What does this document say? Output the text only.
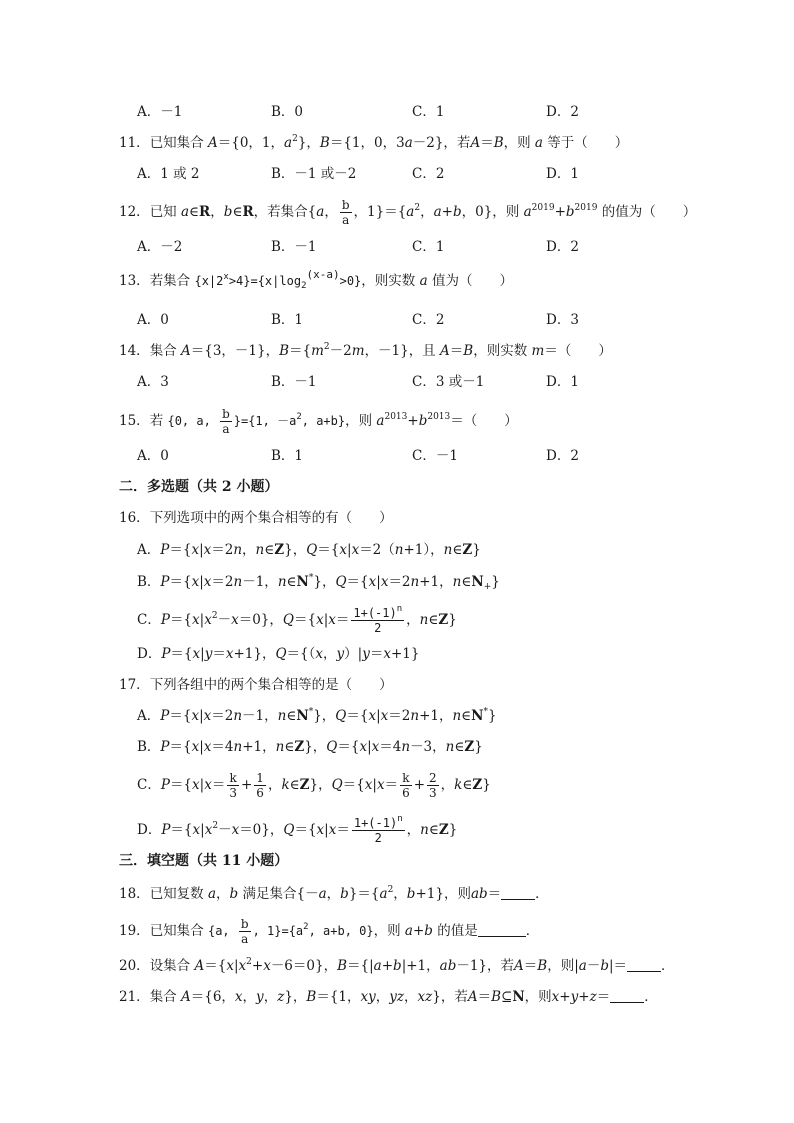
A．－1	B．0	C．1	D．2
11．已知集合 A＝{0，1，$a^2$}，B＝{1，0，3a－2}，若A＝B，则 a 等于（　　）
A．1 或 2	B．－1 或－2	C．2	D．1
12．已知 a∈R，b∈R，若集合{a， $\frac{b}{a}$ ，$1\}=\{a^2$，a+b，0}，则 $a^{2019}+b^{2019}$ 的值为（　　）
A．－2	B．－1	C．1	D．2
13．若集合 $\{x|2^x>4\}=\{x|\log_2(x-a)>0\}$，则实数 a 值为（　　）
A．0	B．1	C．2	D．3
14．集合 A＝{3，－1}，$B=\{m^2-2m$，－1}，且 A＝B，则实数 m＝（　　）
A．3	B．－1	C．3 或－1	D．1
15．若 {0, a, $\frac{b}{a} \}=\{1$, $-a^2$, a+b}，则 $a^{2013}+b^{2013}=$（　　）
A．0	B．1	C．－1	D．2
二．多选题（共 2 小题）
16．下列选项中的两个集合相等的有（　　）
A．P＝{x|x＝2n，n∈Z}，Q＝{x|x＝2（n+1），n∈Z}
B．P＝{x|x＝2n－1，n∈N*}，Q＝{x|x＝2n+1，$n\in N_+$}
C．$P=\{x|x^2-x=0\}$，$Q=\{x|x= \frac{1+(-1)^n}{2}$ ，n∈Z}
D．P＝{x|y＝x+1}，Q＝{（x，y）|y＝x+1}
17．下列各组中的两个集合相等的是（　　）
A．P＝{x|x＝2n－1，n∈N*}，Q＝{x|x＝2n+1，n∈N*}
B．P＝{x|x＝4n+1，n∈Z}，Q＝{x|x＝4n－3，n∈Z}
C．$P=\{x|x= \frac{k}{3} + \frac{1}{6}$ ，k∈Z}，$Q=\{x|x= \frac{k}{6} + \frac{2}{3}$ ，k∈Z}
D．$P=\{x|x^2-x=0\}$，$Q=\{x|x= \frac{1+(-1)^n}{2}$ ，n∈Z}
三．填空题（共 11 小题）
18．已知复数 a，b 满足集合{－a，$b\}=\{a^2$，b+1}，则ab＝	．
19．已知集合 {a, $\frac{b}{a}$ , $1\}=\{a^2$, a+b, 0}，则 a+b 的值是	．
20．设集合 $A=\{x|x^2+x-6=0\}$，B＝{|a+b|+1，ab－1}，若A＝B，则|a－b|＝	．
21．集合 A＝{6，x，y，z}，B＝{1，xy，yz，xz}，若A＝B⊆N，则x+y+z＝	．
